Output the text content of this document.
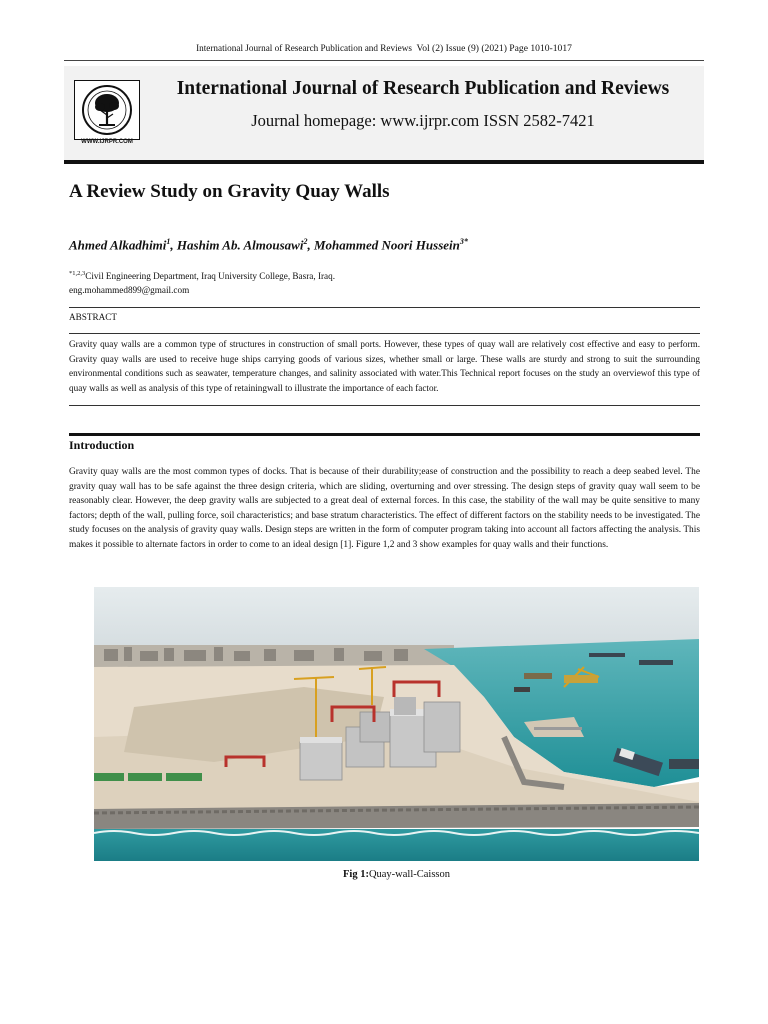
International Journal of Research Publication and Reviews Vol (2) Issue (9) (2021) Page 1010-1017
WWW.IJRPR.COM
International Journal of Research Publication and Reviews
Journal homepage: www.ijrpr.com ISSN 2582-7421
A Review Study on Gravity Quay Walls
Ahmed Alkadhimi$^1$, Hashim Ab. Almousawi$^2$, Mohammed Noori Hussein$^{3*}$
$^{*1,2,3}$Civil Engineering Department, Iraq University College, Basra, Iraq.
eng.mohammed899@gmail.com
ABSTRACT
Gravity quay walls are a common type of structures in construction of small ports. However, these types of quay wall are relatively cost effective and easy to perform. Gravity quay walls are used to receive huge ships carrying goods of various sizes, whether small or large. These walls are sturdy and strong to suit the surrounding environmental conditions such as seawater, temperature changes, and salinity associated with water.This Technical report focuses on the study an overviewof this type of quay walls as well as analysis of this type of retainingwall to illustrate the importance of each factor.
Introduction
Gravity quay walls are the most common types of docks. That is because of their durability;ease of construction and the possibility to reach a deep seabed level. The gravity quay wall has to be safe against the three design criteria, which are sliding, overturning and over stressing. The design steps of gravity quay wall seem to be reasonably clear. However, the deep gravity walls are subjected to a great deal of external forces. In this case, the stability of the wall may be quite sensitive to many factors; depth of the wall, pulling force, soil characteristics; and base stratum characteristics. The effect of different factors on the stability needs to be investigated. The study focuses on the analysis of gravity quay walls. Design steps are written in the form of computer program taking into account all factors affecting the analysis. This makes it possible to alternate factors in order to come to an ideal design [1]. Figure 1,2 and 3 show examples for quay walls and their functions.
Fig 1:Quay-wall-Caisson
